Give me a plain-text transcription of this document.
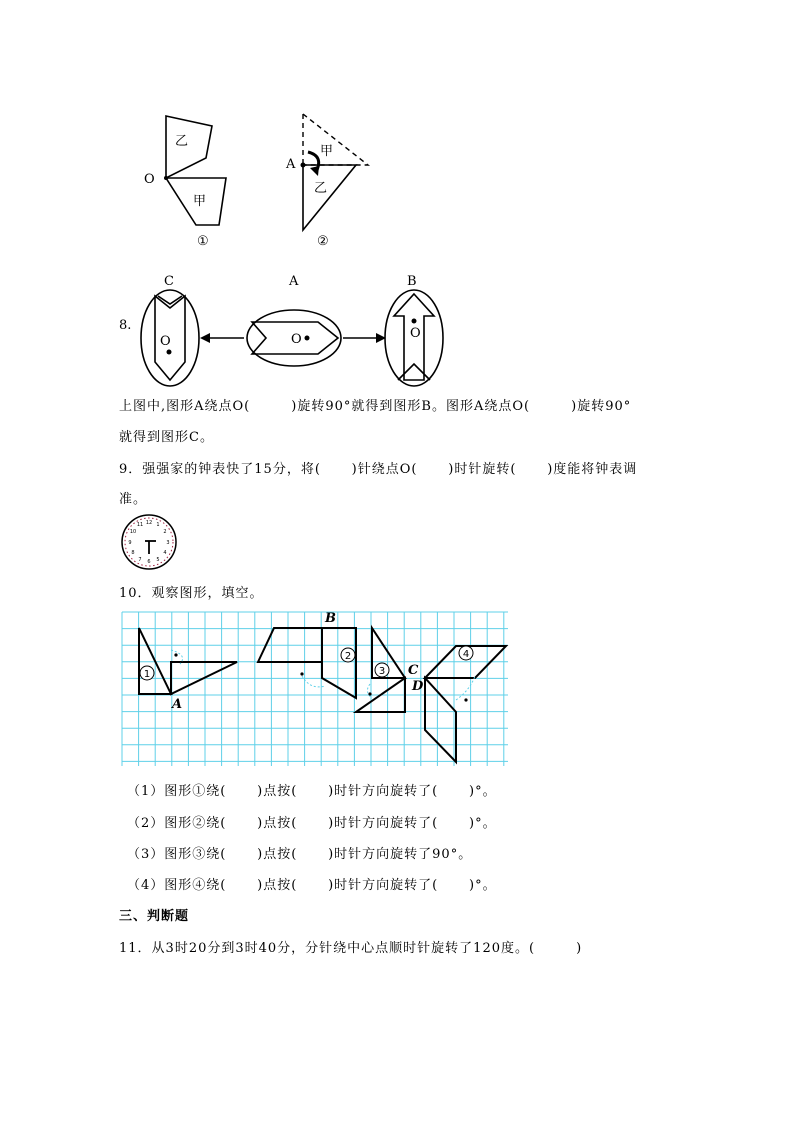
O
乙
甲
①
A
甲
乙
②
8.
C	A	B
O	O	O
上图中,图形A绕点O(        )旋转90°就得到图形B。图形A绕点O(        )旋转90°
就得到图形C。
9．强强家的钟表快了15分，将(      )针绕点O(      )时针旋转(      )度能将钟表调
准。
12 1
2
3
4
5
6
7
8
9
10
11
10．观察图形，填空。
1
2
3
4
B
A
C
D
（1）图形①绕(      )点按(      )时针方向旋转了(      )°。
（2）图形②绕(      )点按(      )时针方向旋转了(      )°。
（3）图形③绕(      )点按(      )时针方向旋转了90°。
（4）图形④绕(      )点按(      )时针方向旋转了(      )°。
三、判断题
11．从3时20分到3时40分，分针绕中心点顺时针旋转了120度。(        )
